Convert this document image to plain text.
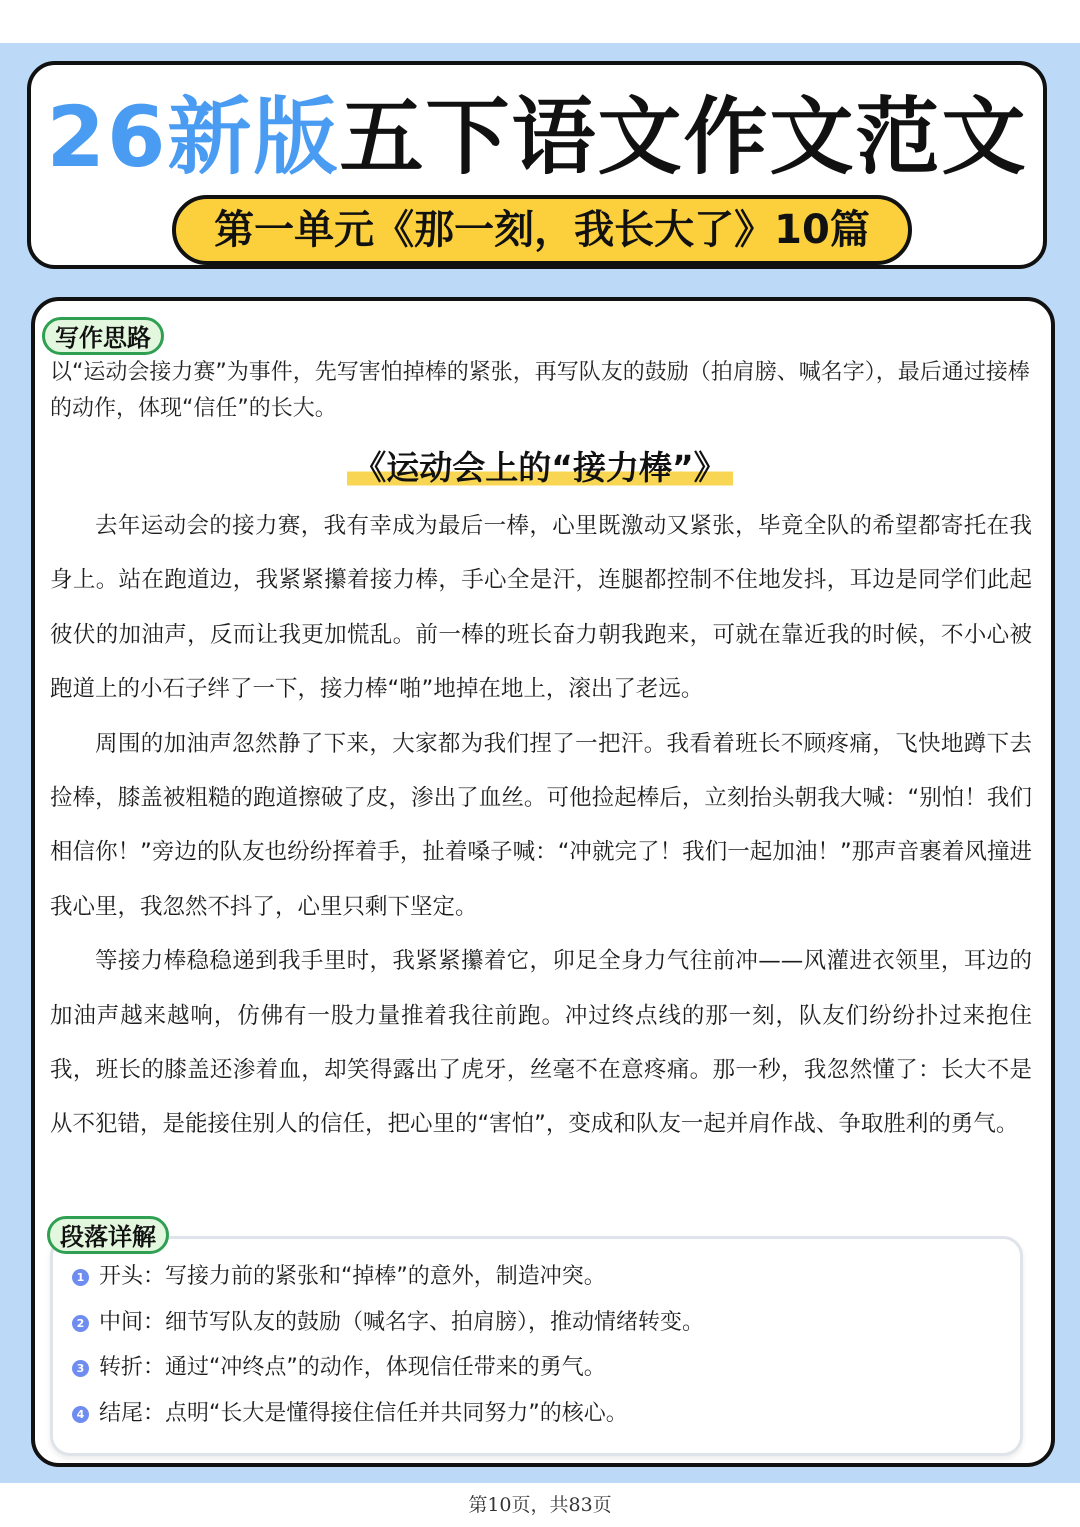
26新版五下语文作文范文
第一单元《那一刻，我长大了》10篇
写作思路

以“运动会接力赛”为事件，先写害怕掉棒的紧张，再写队友的鼓励（拍肩膀、喊名字），最后通过接棒的动作，体现“信任”的长大。

《运动会上的“接力棒”》

去年运动会的接力赛，我有幸成为最后一棒，心里既激动又紧张，毕竟全队的希望都寄托在我身上。站在跑道边，我紧紧攥着接力棒，手心全是汗，连腿都控制不住地发抖，耳边是同学们此起彼伏的加油声，反而让我更加慌乱。前一棒的班长奋力朝我跑来，可就在靠近我的时候，不小心被跑道上的小石子绊了一下，接力棒“啪”地掉在地上，滚出了老远。

周围的加油声忽然静了下来，大家都为我们捏了一把汗。我看着班长不顾疼痛，飞快地蹲下去捡棒，膝盖被粗糙的跑道擦破了皮，渗出了血丝。可他捡起棒后，立刻抬头朝我大喊：“别怕！我们相信你！”旁边的队友也纷纷挥着手，扯着嗓子喊：“冲就完了！我们一起加油！”那声音裹着风撞进我心里，我忽然不抖了，心里只剩下坚定。

等接力棒稳稳递到我手里时，我紧紧攥着它，卯足全身力气往前冲——风灌进衣领里，耳边的加油声越来越响，仿佛有一股力量推着我往前跑。冲过终点线的那一刻，队友们纷纷扑过来抱住我，班长的膝盖还渗着血，却笑得露出了虎牙，丝毫不在意疼痛。那一秒，我忽然懂了：长大不是从不犯错，是能接住别人的信任，把心里的“害怕”，变成和队友一起并肩作战、争取胜利的勇气。

段落详解
1 开头：写接力前的紧张和“掉棒”的意外，制造冲突。
2 中间：细节写队友的鼓励（喊名字、拍肩膀），推动情绪转变。
3 转折：通过“冲终点”的动作，体现信任带来的勇气。
4 结尾：点明“长大是懂得接住信任并共同努力”的核心。
第10页，共83页
